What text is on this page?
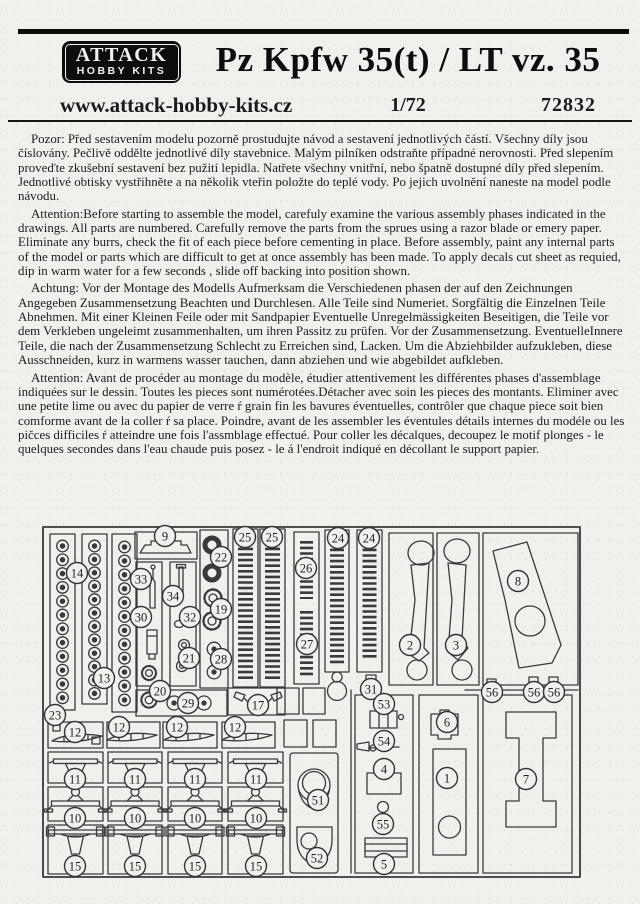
ATTACK
HOBBY KITS	Pz Kpfw 35(t) / LT vz. 35
www.attack-hobby-kits.cz	1/72	72832

Pozor: Před sestavením modelu pozorně prostudujte návod a sestavení jednotlivých částí. Všechny díly jsou číslovány. Pečlivě oddělte jednotlivé díly stavebnice. Malým pilníken odstraňte případné nerovnosti. Před slepením proveďte zkušební sestavení bez pužití lepidla. Natřete všechny vnitřní, nebo špatně dostupné díly před slepením. Jednotlivé obtisky vystřihněte a na několik vteřin položte do teplé vody. Po jejich uvolnění naneste na model podle návodu.

Attention:Before starting to assemble the model, carefuly examine the various assembly phases indicated in the drawings. All parts are numbered. Carefully remove the parts from the sprues using a razor blade or emery paper. Eliminate any burrs, check the fit of each piece before cementing in place. Before assembly, paint any internal parts of the model or parts which are difficult to get at once assembly has been made. To apply decals cut sheet as requied, dip in warm water for a few seconds , slide off backing into position shown.

Achtung: Vor der Montage des Modells Aufmerksam die Verschiedenen phasen der auf den Zeichnungen Angegeben Zusammensetzung Beachten und Durchlesen. Alle Teile sind Numeriet. Sorgfältig die Einzelnen Teile Abnehmen. Mit einer Kleinen Feile oder mit Sandpapier Eventuelle Unregelmässigkeiten Beseitigen, die Teile vor dem Verkleben ungeleimt zusammenhalten, um ihren Passitz zu prüfen. Vor der Zusammensetzung. EventuelleInnere Teile, die nach der Zusammensetzung Schlecht zu Erreichen sind, Lacken. Um die Abziehbilder aufzukleben, diese Ausschneiden, kurz in warmens wasser tauchen, dann abziehen und wie abgebildet aufkleben.

Attention: Avant de procéder au montage du modèle, étudier attentivement les différentes phases d'assemblage indiquées sur le dessin. Toutes les pieces sont numérotées.Détacher avec soin les pieces des montants. Eliminer avec une petite lime ou avec du papier de verre ŕ grain fin les bavures éventuelles, contrôler que chaque piece soit bien comforme avant de la coller ŕ sa place. Poindre, avant de les assembler les éventules détails internes du modéle ou les pičces difficiles ŕ atteindre une fois l'assmblage effectué. Pour coller les décalques, decoupez le motif plonges - le quelques secondes dans l'eau chaude puis posez - le á l'endroit indiqué en décollant le support papier.

9
14
13
23
33
34
30	32
21
20
29
22
19
28
25 25
26
27
24 24
2	3
8
17
31	56 56 56
53
54
4
55
5
6
1	7
51
52
12	12	12	12
11	11	11	11
10	10	10	10
15	15	15	15
